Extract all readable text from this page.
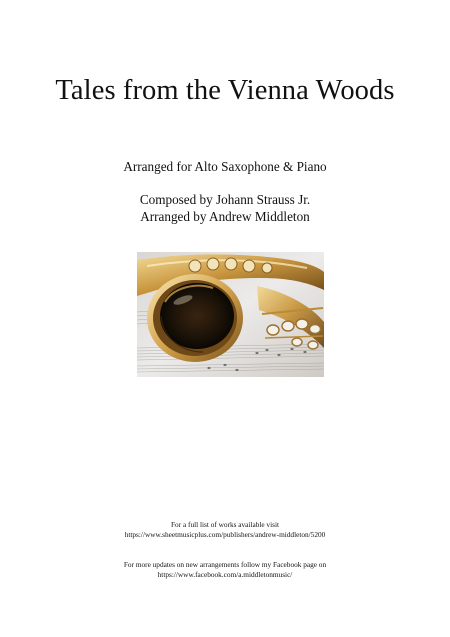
Tales from the Vienna Woods
Arranged for Alto Saxophone & Piano
Composed by Johann Strauss Jr.
Arranged by Andrew Middleton
For a full list of works available visit
https://www.sheetmusicplus.com/publishers/andrew-middleton/5200
For more updates on new arrangements follow my Facebook page on
https://www.facebook.com/a.middletonmusic/
